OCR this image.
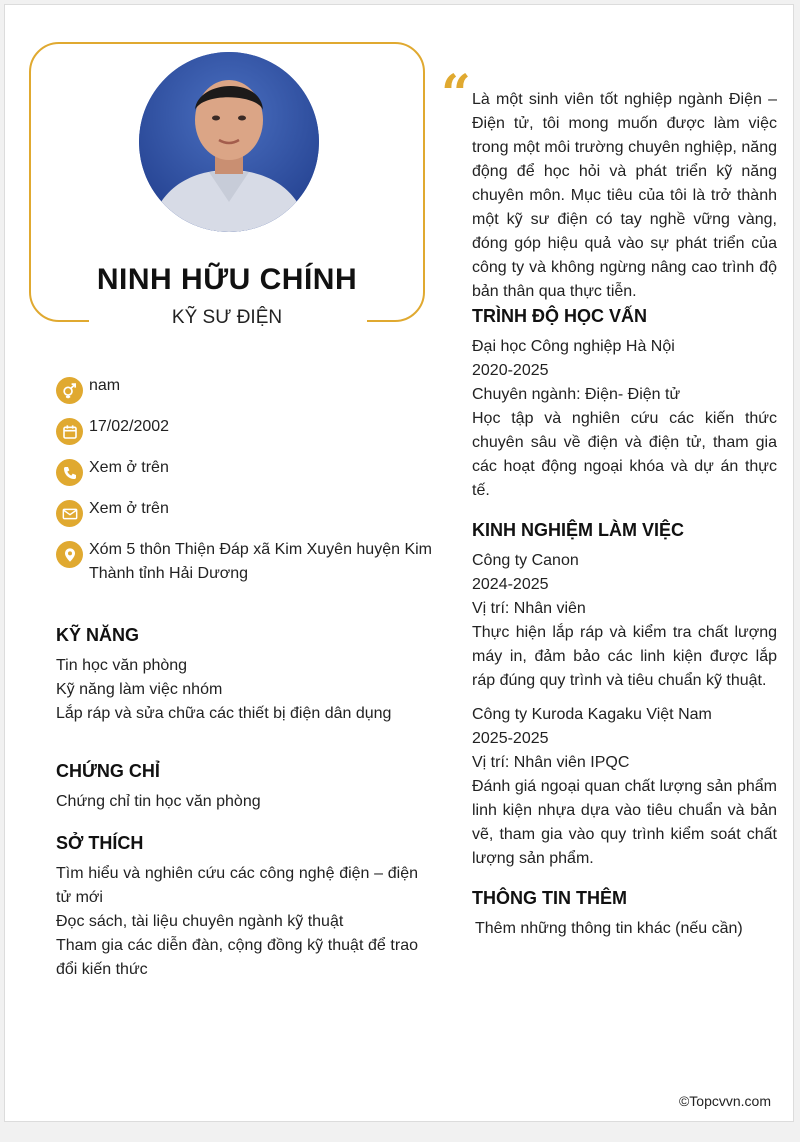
NINH HỮU CHÍNH
KỸ SƯ ĐIỆN
nam
17/02/2002
Xem ở trên
Xem ở trên
Xóm 5 thôn Thiện Đáp xã Kim Xuyên huyện Kim Thành tỉnh Hải Dương
KỸ NĂNG
Tin học văn phòng
Kỹ năng làm việc nhóm
Lắp ráp và sửa chữa các thiết bị điện dân dụng
CHỨNG CHỈ
Chứng chỉ tin học văn phòng
SỞ THÍCH
Tìm hiểu và nghiên cứu các công nghệ điện – điện tử mới
Đọc sách, tài liệu chuyên ngành kỹ thuật
Tham gia các diễn đàn, cộng đồng kỹ thuật để trao đổi kiến thức
“ Là một sinh viên tốt nghiệp ngành Điện – Điện tử, tôi mong muốn được làm việc trong một môi trường chuyên nghiệp, năng động để học hỏi và phát triển kỹ năng chuyên môn. Mục tiêu của tôi là trở thành một kỹ sư điện có tay nghề vững vàng, đóng góp hiệu quả vào sự phát triển của công ty và không ngừng nâng cao trình độ bản thân qua thực tiễn.
TRÌNH ĐỘ HỌC VẤN
Đại học Công nghiệp Hà Nội
2020-2025
Chuyên ngành: Điện- Điện tử
Học tập và nghiên cứu các kiến thức chuyên sâu về điện và điện tử, tham gia các hoạt động ngoại khóa và dự án thực tế.
KINH NGHIỆM LÀM VIỆC
Công ty Canon
2024-2025
Vị trí: Nhân viên
Thực hiện lắp ráp và kiểm tra chất lượng máy in, đảm bảo các linh kiện được lắp ráp đúng quy trình và tiêu chuẩn kỹ thuật.
Công ty Kuroda Kagaku Việt Nam
2025-2025
Vị trí: Nhân viên IPQC
Đánh giá ngoại quan chất lượng sản phẩm linh kiện nhựa dựa vào tiêu chuẩn và bản vẽ, tham gia vào quy trình kiểm soát chất lượng sản phẩm.
THÔNG TIN THÊM
Thêm những thông tin khác (nếu cần)
©Topcvvn.com
